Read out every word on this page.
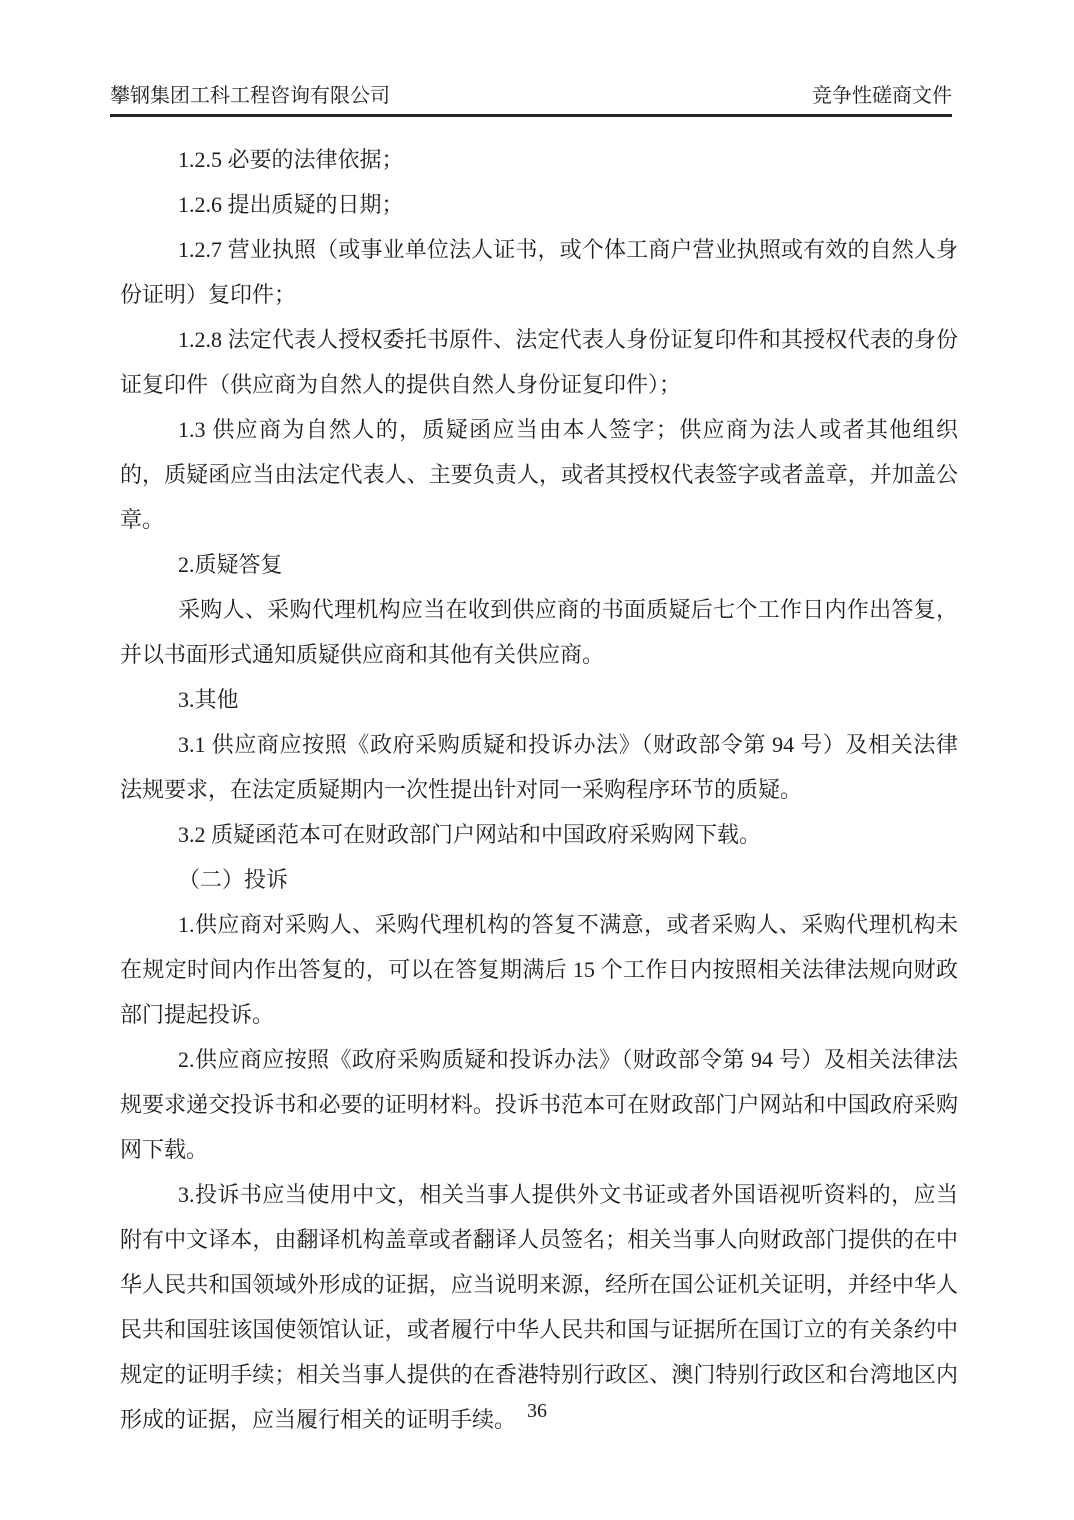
攀钢集团工科工程咨询有限公司	竞争性磋商文件

1.2.5 必要的法律依据；

1.2.6 提出质疑的日期；

1.2.7 营业执照（或事业单位法人证书，或个体工商户营业执照或有效的自然人身份证明）复印件；

1.2.8 法定代表人授权委托书原件、法定代表人身份证复印件和其授权代表的身份证复印件（供应商为自然人的提供自然人身份证复印件）；

1.3 供应商为自然人的，质疑函应当由本人签字；供应商为法人或者其他组织的，质疑函应当由法定代表人、主要负责人，或者其授权代表签字或者盖章，并加盖公章。

2.质疑答复

采购人、采购代理机构应当在收到供应商的书面质疑后七个工作日内作出答复，并以书面形式通知质疑供应商和其他有关供应商。

3.其他

3.1 供应商应按照《政府采购质疑和投诉办法》（财政部令第 94 号）及相关法律法规要求，在法定质疑期内一次性提出针对同一采购程序环节的质疑。

3.2 质疑函范本可在财政部门户网站和中国政府采购网下载。

（二）投诉

1.供应商对采购人、采购代理机构的答复不满意，或者采购人、采购代理机构未在规定时间内作出答复的，可以在答复期满后 15 个工作日内按照相关法律法规向财政部门提起投诉。

2.供应商应按照《政府采购质疑和投诉办法》（财政部令第 94 号）及相关法律法规要求递交投诉书和必要的证明材料。投诉书范本可在财政部门户网站和中国政府采购网下载。

3.投诉书应当使用中文，相关当事人提供外文书证或者外国语视听资料的，应当附有中文译本，由翻译机构盖章或者翻译人员签名；相关当事人向财政部门提供的在中华人民共和国领域外形成的证据，应当说明来源，经所在国公证机关证明，并经中华人民共和国驻该国使领馆认证，或者履行中华人民共和国与证据所在国订立的有关条约中规定的证明手续；相关当事人提供的在香港特别行政区、澳门特别行政区和台湾地区内形成的证据，应当履行相关的证明手续。 36
